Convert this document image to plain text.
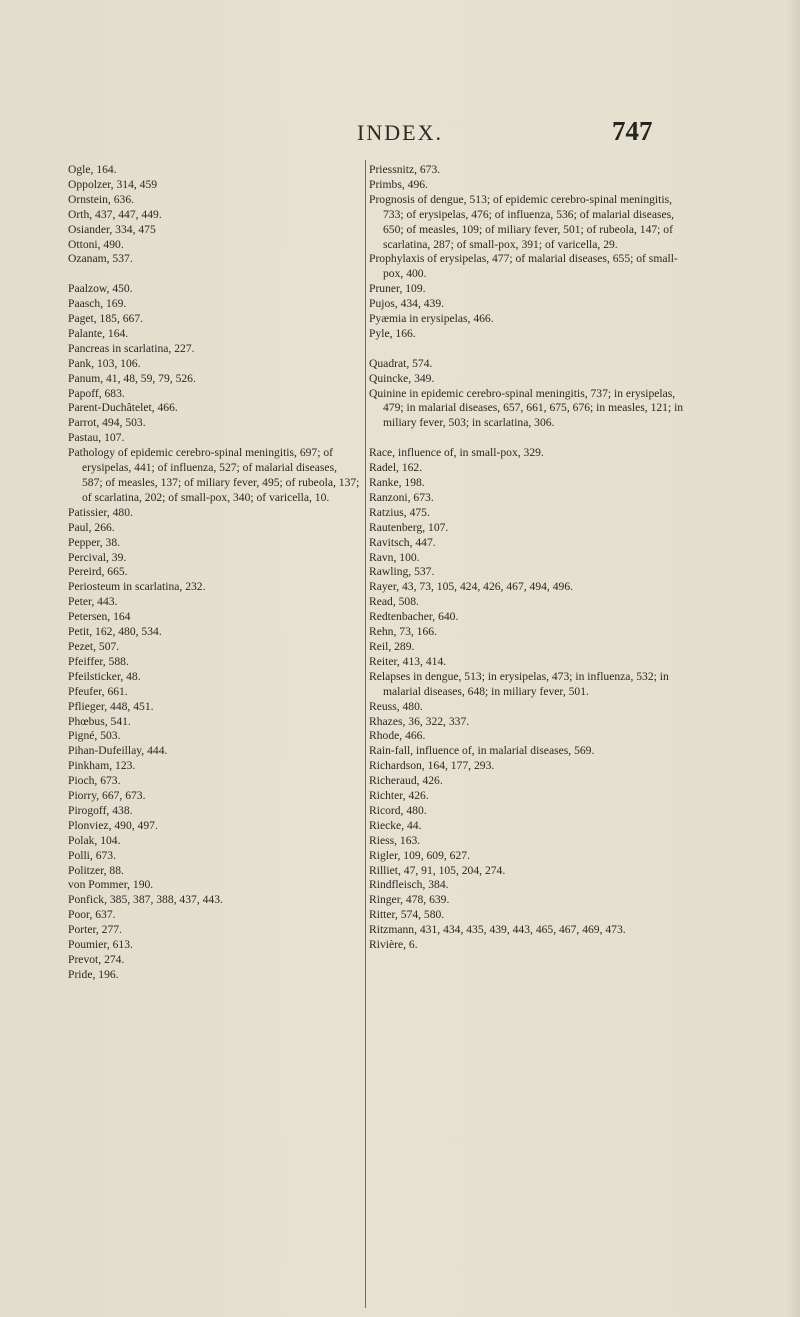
INDEX.	747
Ogle, 164.
Oppolzer, 314, 459
Ornstein, 636.
Orth, 437, 447, 449.
Osiander, 334, 475
Ottoni, 490.
Ozanam, 537.
Paalzow, 450.
Paasch, 169.
Paget, 185, 667.
Palante, 164.
Pancreas in scarlatina, 227.
Pank, 103, 106.
Panum, 41, 48, 59, 79, 526.
Papoff, 683.
Parent-Duchâtelet, 466.
Parrot, 494, 503.
Pastau, 107.
Pathology of epidemic cerebro-spinal meningitis, 697; of erysipelas, 441; of influenza, 527; of malarial diseases, 587; of measles, 137; of miliary fever, 495; of rubeola, 137; of scarlatina, 202; of small-pox, 340; of varicella, 10.
Patissier, 480.
Paul, 266.
Pepper, 38.
Percival, 39.
Pereird, 665.
Periosteum in scarlatina, 232.
Peter, 443.
Petersen, 164
Petit, 162, 480, 534.
Pezet, 507.
Pfeiffer, 588.
Pfeilsticker, 48.
Pfeufer, 661.
Pflieger, 448, 451.
Phœbus, 541.
Pigné, 503.
Pihan-Dufeillay, 444.
Pinkham, 123.
Pioch, 673.
Piorry, 667, 673.
Pirogoff, 438.
Plonviez, 490, 497.
Polak, 104.
Polli, 673.
Politzer, 88.
von Pommer, 190.
Ponfick, 385, 387, 388, 437, 443.
Poor, 637.
Porter, 277.
Poumier, 613.
Prevot, 274.
Pride, 196.
Priessnitz, 673.
Primbs, 496.
Prognosis of dengue, 513; of epidemic cerebro-spinal meningitis, 733; of erysipelas, 476; of influenza, 536; of malarial diseases, 650; of measles, 109; of miliary fever, 501; of rubeola, 147; of scarlatina, 287; of small-pox, 391; of varicella, 29.
Prophylaxis of erysipelas, 477; of malarial diseases, 655; of small-pox, 400.
Pruner, 109.
Pujos, 434, 439.
Pyæmia in erysipelas, 466.
Pyle, 166.
Quadrat, 574.
Quincke, 349.
Quinine in epidemic cerebro-spinal meningitis, 737; in erysipelas, 479; in malarial diseases, 657, 661, 675, 676; in measles, 121; in miliary fever, 503; in scarlatina, 306.
Race, influence of, in small-pox, 329.
Radel, 162.
Ranke, 198.
Ranzoni, 673.
Ratzius, 475.
Rautenberg, 107.
Ravitsch, 447.
Ravn, 100.
Rawling, 537.
Rayer, 43, 73, 105, 424, 426, 467, 494, 496.
Read, 508.
Redtenbacher, 640.
Rehn, 73, 166.
Reil, 289.
Reiter, 413, 414.
Relapses in dengue, 513; in erysipelas, 473; in influenza, 532; in malarial diseases, 648; in miliary fever, 501.
Reuss, 480.
Rhazes, 36, 322, 337.
Rhode, 466.
Rain-fall, influence of, in malarial diseases, 569.
Richardson, 164, 177, 293.
Richeraud, 426.
Richter, 426.
Ricord, 480.
Riecke, 44.
Riess, 163.
Rigler, 109, 609, 627.
Rilliet, 47, 91, 105, 204, 274.
Rindfleisch, 384.
Ringer, 478, 639.
Ritter, 574, 580.
Ritzmann, 431, 434, 435, 439, 443, 465, 467, 469, 473.
Rivière, 6.
